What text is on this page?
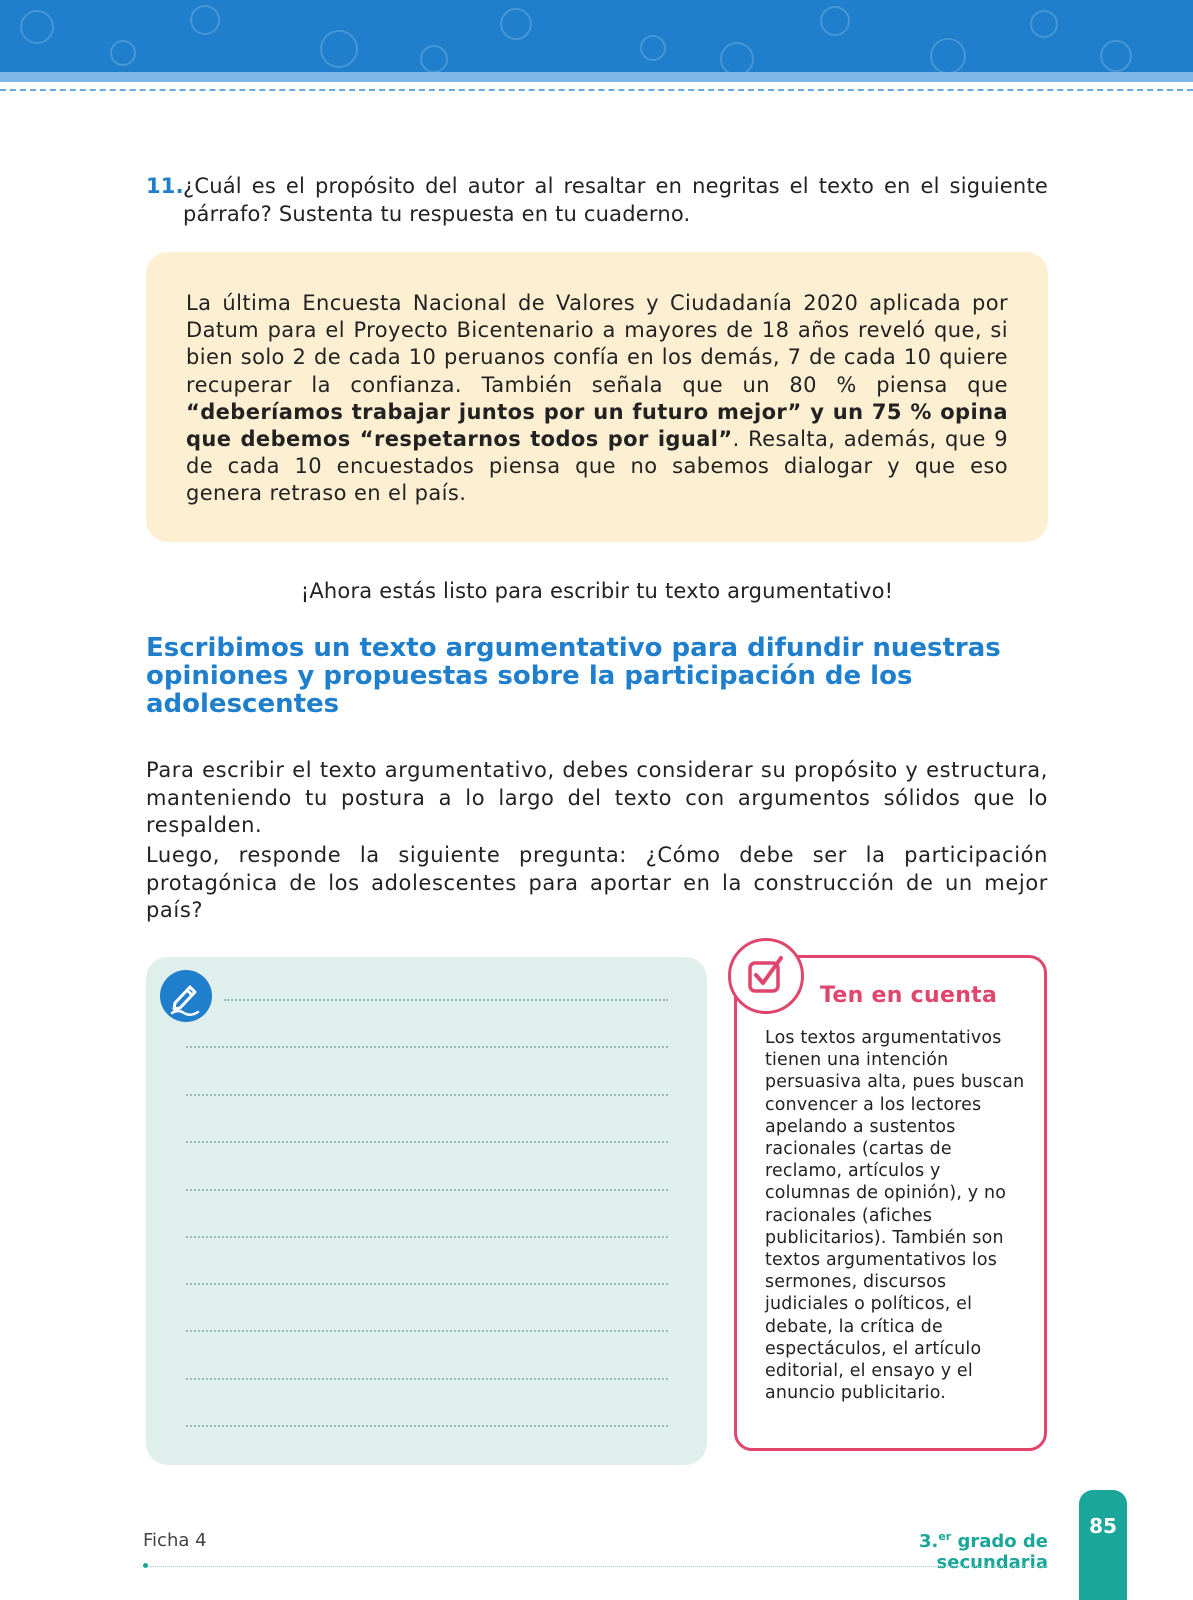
11. ¿Cuál es el propósito del autor al resaltar en negritas el texto en el siguiente párrafo? Sustenta tu respuesta en tu cuaderno.

La última Encuesta Nacional de Valores y Ciudadanía 2020 aplicada por Datum para el Proyecto Bicentenario a mayores de 18 años reveló que, si bien solo 2 de cada 10 peruanos confía en los demás, 7 de cada 10 quiere recuperar la confianza. También señala que un 80 % piensa que “deberíamos trabajar juntos por un futuro mejor” y un 75 % opina que debemos “respetarnos todos por igual”. Resalta, además, que 9 de cada 10 encuestados piensa que no sabemos dialogar y que eso genera retraso en el país.

¡Ahora estás listo para escribir tu texto argumentativo!
Escribimos un texto argumentativo para difundir nuestras opiniones y propuestas sobre la participación de los adolescentes

Para escribir el texto argumentativo, debes considerar su propósito y estructura, manteniendo tu postura a lo largo del texto con argumentos sólidos que lo respalden.

Luego, responde la siguiente pregunta: ¿Cómo debe ser la participación protagónica de los adolescentes para aportar en la construcción de un mejor país?

Ten en cuenta
Los textos argumentativos tienen una intención persuasiva alta, pues buscan convencer a los lectores apelando a sustentos racionales (cartas de reclamo, artículos y columnas de opinión), y no racionales (afiches publicitarios). También son textos argumentativos los sermones, discursos judiciales o políticos, el debate, la crítica de espectáculos, el artículo editorial, el ensayo y el anuncio publicitario.
Ficha 4	3.$^{er}$ grado de secundaria
85
